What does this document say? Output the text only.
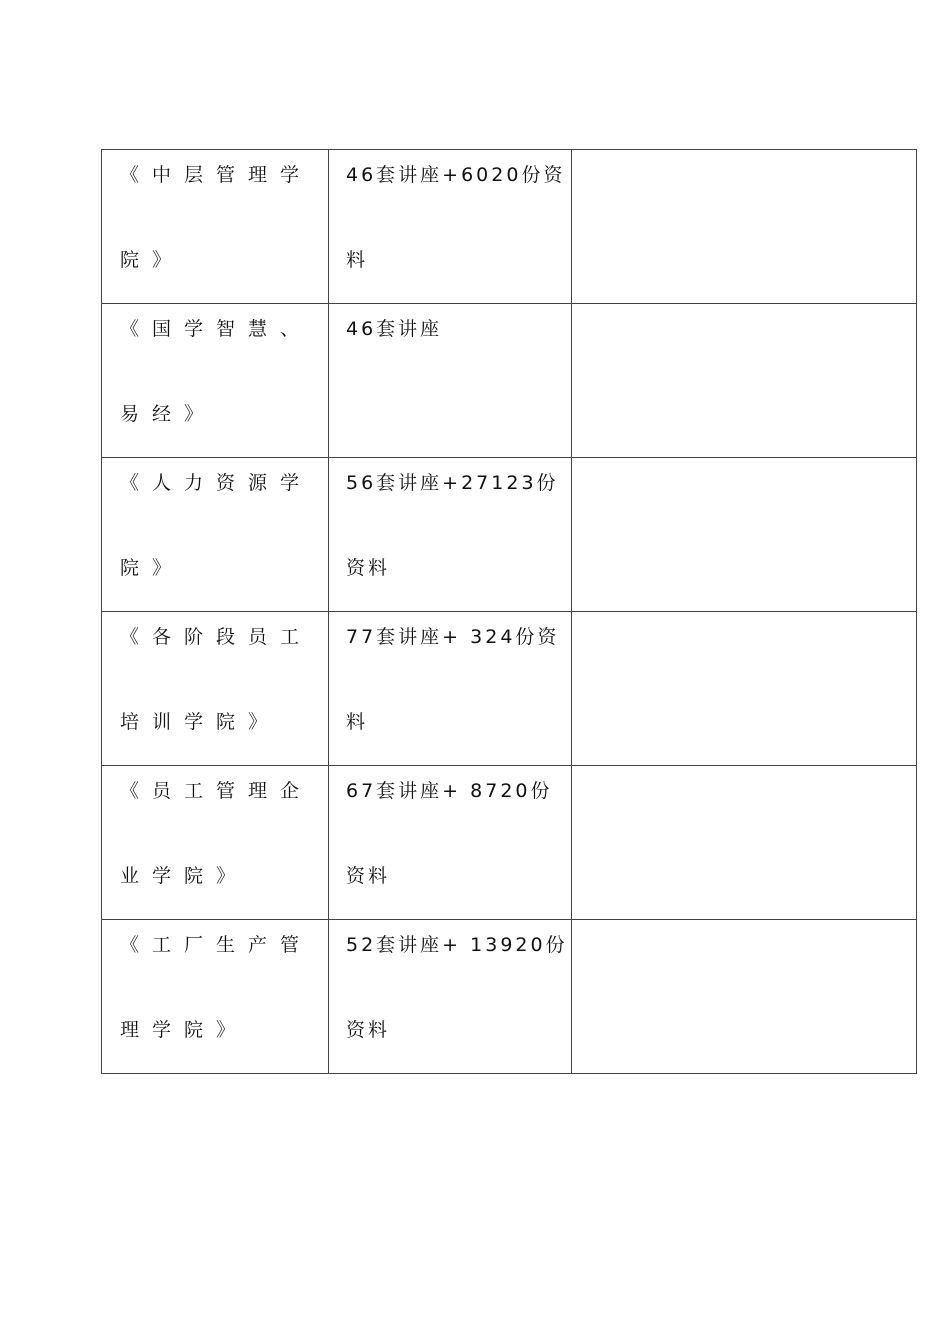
《中层管理学院》	46套讲座+6020份资料	

《国学智慧、易经》	46套讲座	

《人力资源学院》	56套讲座+27123份资料	

《各阶段员工培训学院》	77套讲座+ 324份资料	

《员工管理企业学院》	67套讲座+ 8720份资料	

《工厂生产管理学院》	52套讲座+ 13920份资料	
